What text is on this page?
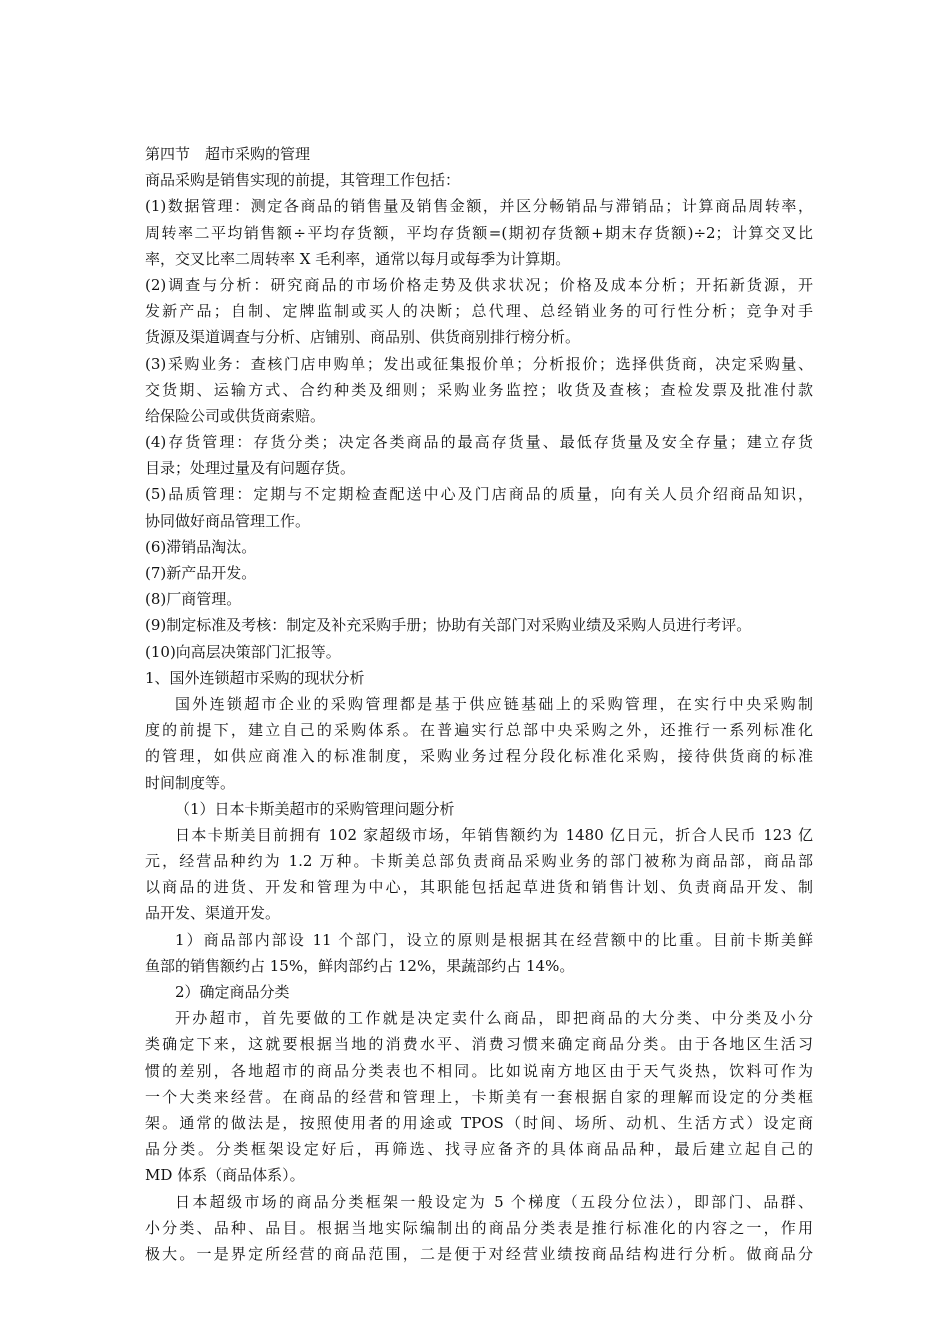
第四节　超市采购的管理
商品采购是销售实现的前提，其管理工作包括：
(1)数据管理：测定各商品的销售量及销售金额，并区分畅销品与滞销品；计算商品周转率，
周转率二平均销售额÷平均存货额，平均存货额=(期初存货额+期末存货额)÷2；计算交叉比
率，交叉比率二周转率 X 毛利率，通常以每月或每季为计算期。
(2)调查与分析：研究商品的市场价格走势及供求状况；价格及成本分析；开拓新货源，开
发新产品；自制、定牌监制或买人的决断；总代理、总经销业务的可行性分析；竞争对手
货源及渠道调查与分析、店铺别、商品别、供货商别排行榜分析。
(3)采购业务：查核门店申购单；发出或征集报价单；分析报价；选择供货商，决定采购量、
交货期、运输方式、合约种类及细则；采购业务监控；收货及查核；查检发票及批准付款
给保险公司或供货商索赔。
(4)存货管理：存货分类；决定各类商品的最高存货量、最低存货量及安全存量；建立存货
目录；处理过量及有问题存货。
(5)品质管理：定期与不定期检查配送中心及门店商品的质量，向有关人员介绍商品知识，
协同做好商品管理工作。
(6)滞销品淘汰。
(7)新产品开发。
(8)厂商管理。
(9)制定标准及考核：制定及补充采购手册；协助有关部门对采购业绩及采购人员进行考评。
(10)向高层决策部门汇报等。
1、国外连锁超市采购的现状分析
国外连锁超市企业的采购管理都是基于供应链基础上的采购管理，在实行中央采购制
度的前提下，建立自己的采购体系。在普遍实行总部中央采购之外，还推行一系列标准化
的管理，如供应商准入的标准制度，采购业务过程分段化标准化采购，接待供货商的标准
时间制度等。
（1）日本卡斯美超市的采购管理问题分析
日本卡斯美目前拥有 102 家超级市场，年销售额约为 1480 亿日元，折合人民币 123 亿
元，经营品种约为 1.2 万种。卡斯美总部负责商品采购业务的部门被称为商品部，商品部
以商品的进货、开发和管理为中心，其职能包括起草进货和销售计划、负责商品开发、制
品开发、渠道开发。
1）商品部内部设 11 个部门，设立的原则是根据其在经营额中的比重。目前卡斯美鲜
鱼部的销售额约占 15%，鲜肉部约占 12%，果蔬部约占 14%。
2）确定商品分类
开办超市，首先要做的工作就是决定卖什么商品，即把商品的大分类、中分类及小分
类确定下来，这就要根据当地的消费水平、消费习惯来确定商品分类。由于各地区生活习
惯的差别，各地超市的商品分类表也不相同。比如说南方地区由于天气炎热，饮料可作为
一个大类来经营。在商品的经营和管理上，卡斯美有一套根据自家的理解而设定的分类框
架。通常的做法是，按照使用者的用途或 TPOS（时间、场所、动机、生活方式）设定商
品分类。分类框架设定好后，再筛选、找寻应备齐的具体商品品种，最后建立起自己的
MD 体系（商品体系）。
日本超级市场的商品分类框架一般设定为 5 个梯度（五段分位法），即部门、品群、
小分类、品种、品目。根据当地实际编制出的商品分类表是推行标准化的内容之一，作用
极大。一是界定所经营的商品范围，二是便于对经营业绩按商品结构进行分析。做商品分
